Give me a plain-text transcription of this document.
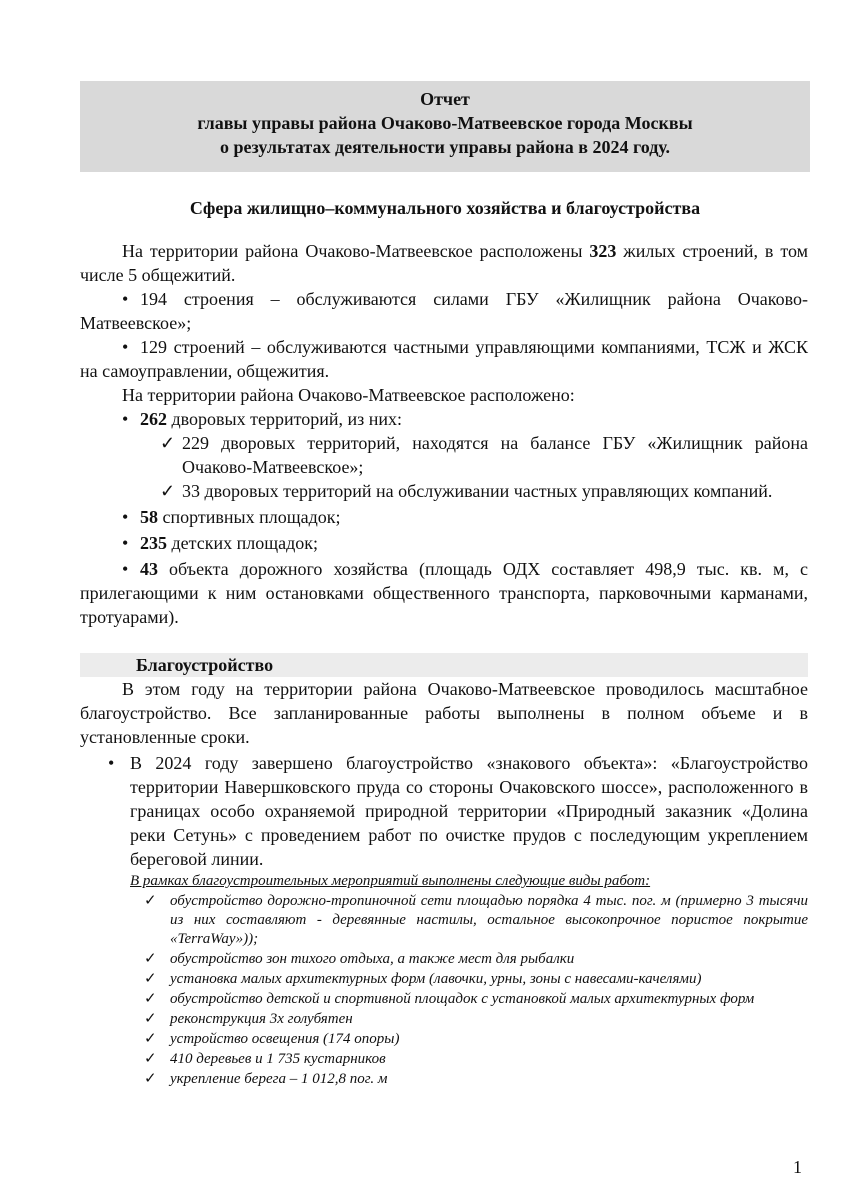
Отчет
главы управы района Очаково-Матвеевское города Москвы
о результатах деятельности управы района в 2024 году.
Сфера жилищно–коммунального хозяйства и благоустройства

На территории района Очаково-Матвеевское расположены 323 жилых строений, в том числе 5 общежитий.

• 194 строения – обслуживаются силами ГБУ «Жилищник района Очаково-Матвеевское»;

• 129 строений – обслуживаются частными управляющими компаниями, ТСЖ и ЖСК на самоуправлении, общежития.

На территории района Очаково-Матвеевское расположено:

• 262 дворовых территорий, из них:

✓ 229 дворовых территорий, находятся на балансе ГБУ «Жилищник района Очаково-Матвеевское»;
✓ 33 дворовых территорий на обслуживании частных управляющих компаний.

• 58 спортивных площадок;

• 235 детских площадок;

• 43 объекта дорожного хозяйства (площадь ОДХ составляет 498,9 тыс. кв. м, с прилегающими к ним остановками общественного транспорта, парковочными карманами, тротуарами).

Благоустройство

В этом году на территории района Очаково-Матвеевское проводилось масштабное благоустройство. Все запланированные работы выполнены в полном объеме и в установленные сроки.

• В 2024 году завершено благоустройство «знакового объекта»: «Благоустройство территории Навершковского пруда со стороны Очаковского шоссе», расположенного в границах особо охраняемой природной территории «Природный заказник «Долина реки Сетунь» с проведением работ по очистке прудов с последующим укреплением береговой линии.
В рамках благоустроительных мероприятий выполнены следующие виды работ:
✓ обустройство дорожно-тропиночной сети площадью порядка 4 тыс. пог. м (примерно 3 тысячи из них составляют - деревянные настилы, остальное высокопрочное пористое покрытие «TerraWay»));
✓ обустройство зон тихого отдыха, а также мест для рыбалки
✓ установка малых архитектурных форм (лавочки, урны, зоны с навесами-качелями)
✓ обустройство детской и спортивной площадок с установкой малых архитектурных форм
✓ реконструкция 3х голубятен
✓ устройство освещения (174 опоры)
✓ 410 деревьев и 1 735 кустарников
✓ укрепление берега – 1 012,8 пог. м
1
